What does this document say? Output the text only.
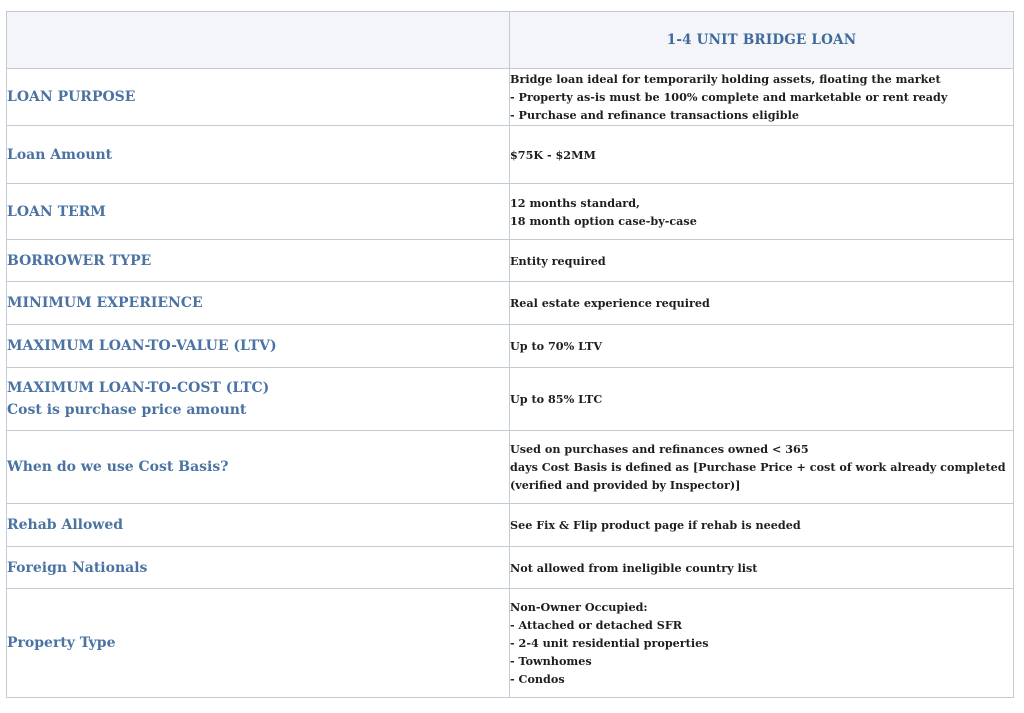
	1-4 UNIT BRIDGE LOAN

LOAN PURPOSE	Bridge loan ideal for temporarily holding assets, floating the market
- Property as-is must be 100% complete and marketable or rent ready
- Purchase and refinance transactions eligible

Loan Amount	$75K - $2MM

LOAN TERM	12 months standard,
18 month option case-by-case

BORROWER TYPE	Entity required

MINIMUM EXPERIENCE	Real estate experience required

MAXIMUM LOAN-TO-VALUE (LTV)	Up to 70% LTV

MAXIMUM LOAN-TO-COST (LTC)
Cost is purchase price amount	Up to 85% LTC

When do we use Cost Basis?	Used on purchases and refinances owned < 365
days Cost Basis is defined as [Purchase Price + cost of work already completed
(verified and provided by Inspector)]

Rehab Allowed	See Fix & Flip product page if rehab is needed

Foreign Nationals	Not allowed from ineligible country list

Property Type	Non-Owner Occupied:
- Attached or detached SFR
- 2-4 unit residential properties
- Townhomes
- Condos
